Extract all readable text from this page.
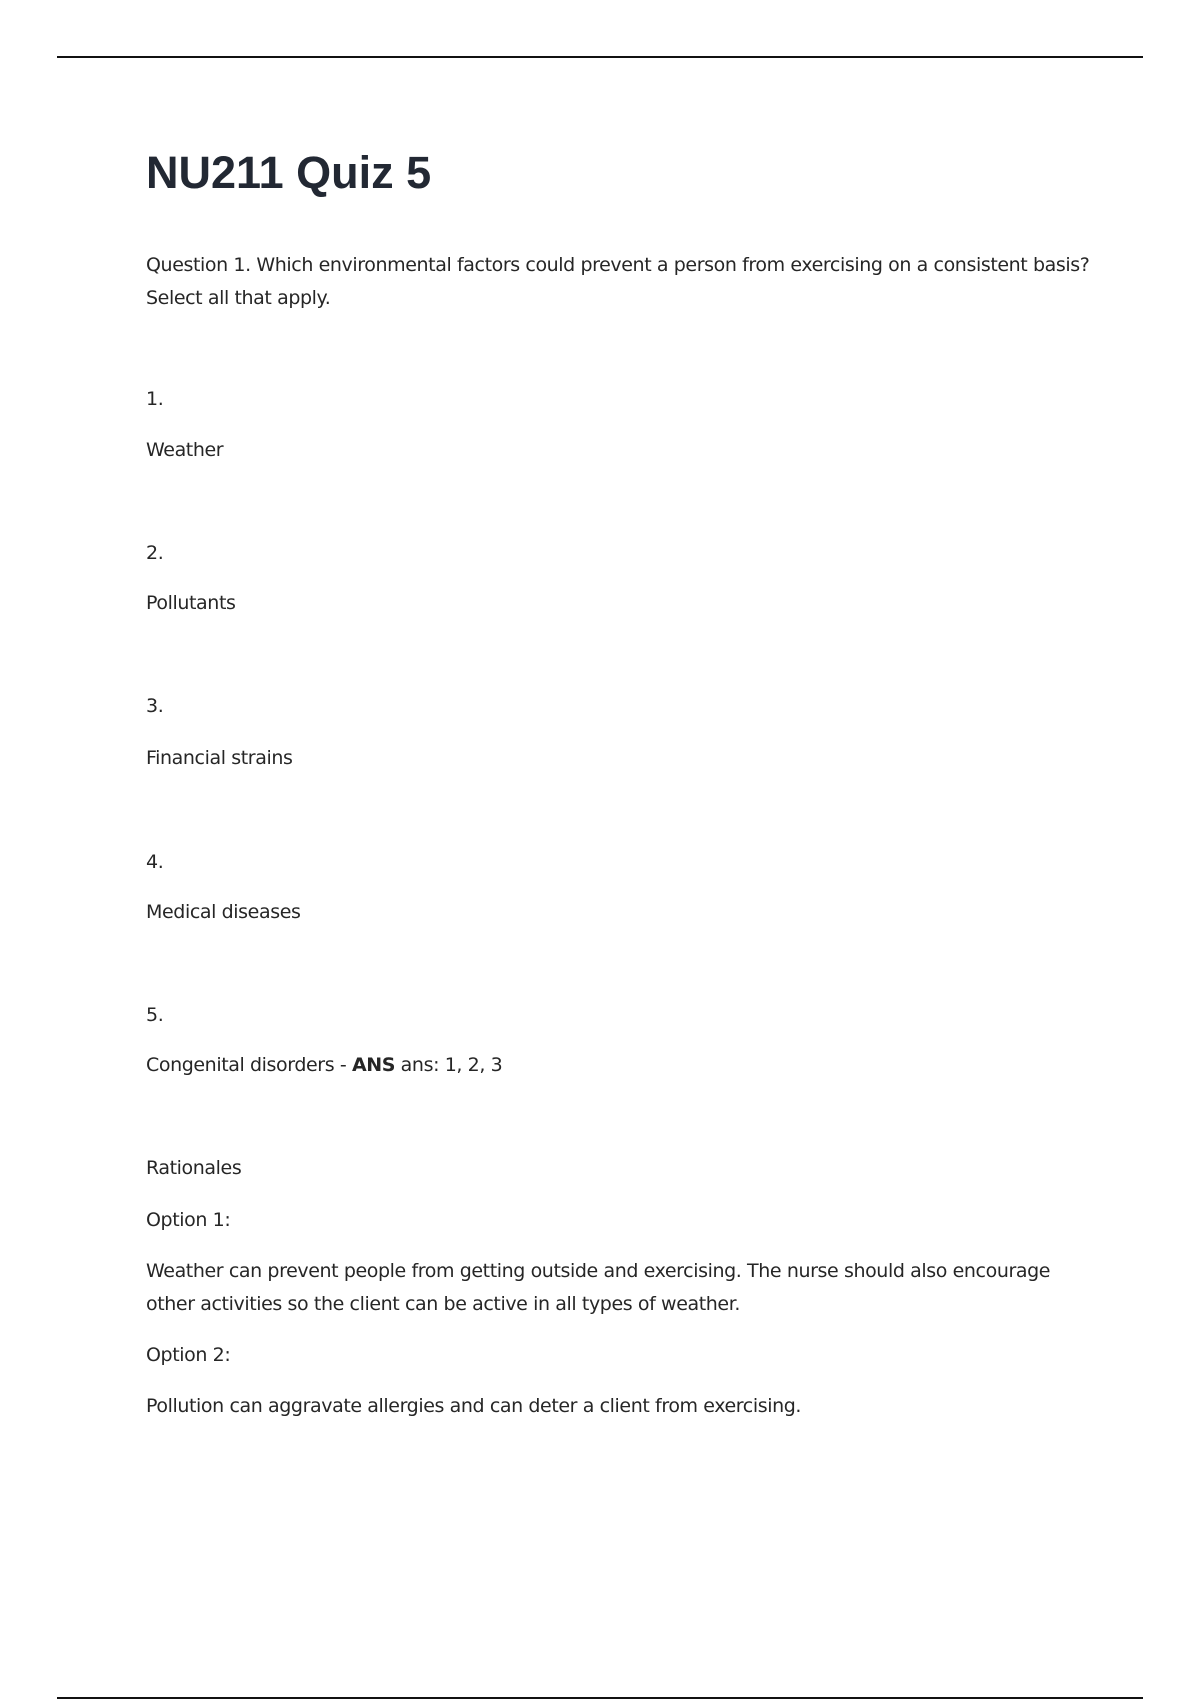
NU211 Quiz 5

Question 1. Which environmental factors could prevent a person from exercising on a consistent basis? Select all that apply.

1.

Weather

2.

Pollutants

3.

Financial strains

4.

Medical diseases

5.

Congenital disorders - ANS ans: 1, 2, 3

Rationales

Option 1:

Weather can prevent people from getting outside and exercising. The nurse should also encourage other activities so the client can be active in all types of weather.

Option 2:

Pollution can aggravate allergies and can deter a client from exercising.
